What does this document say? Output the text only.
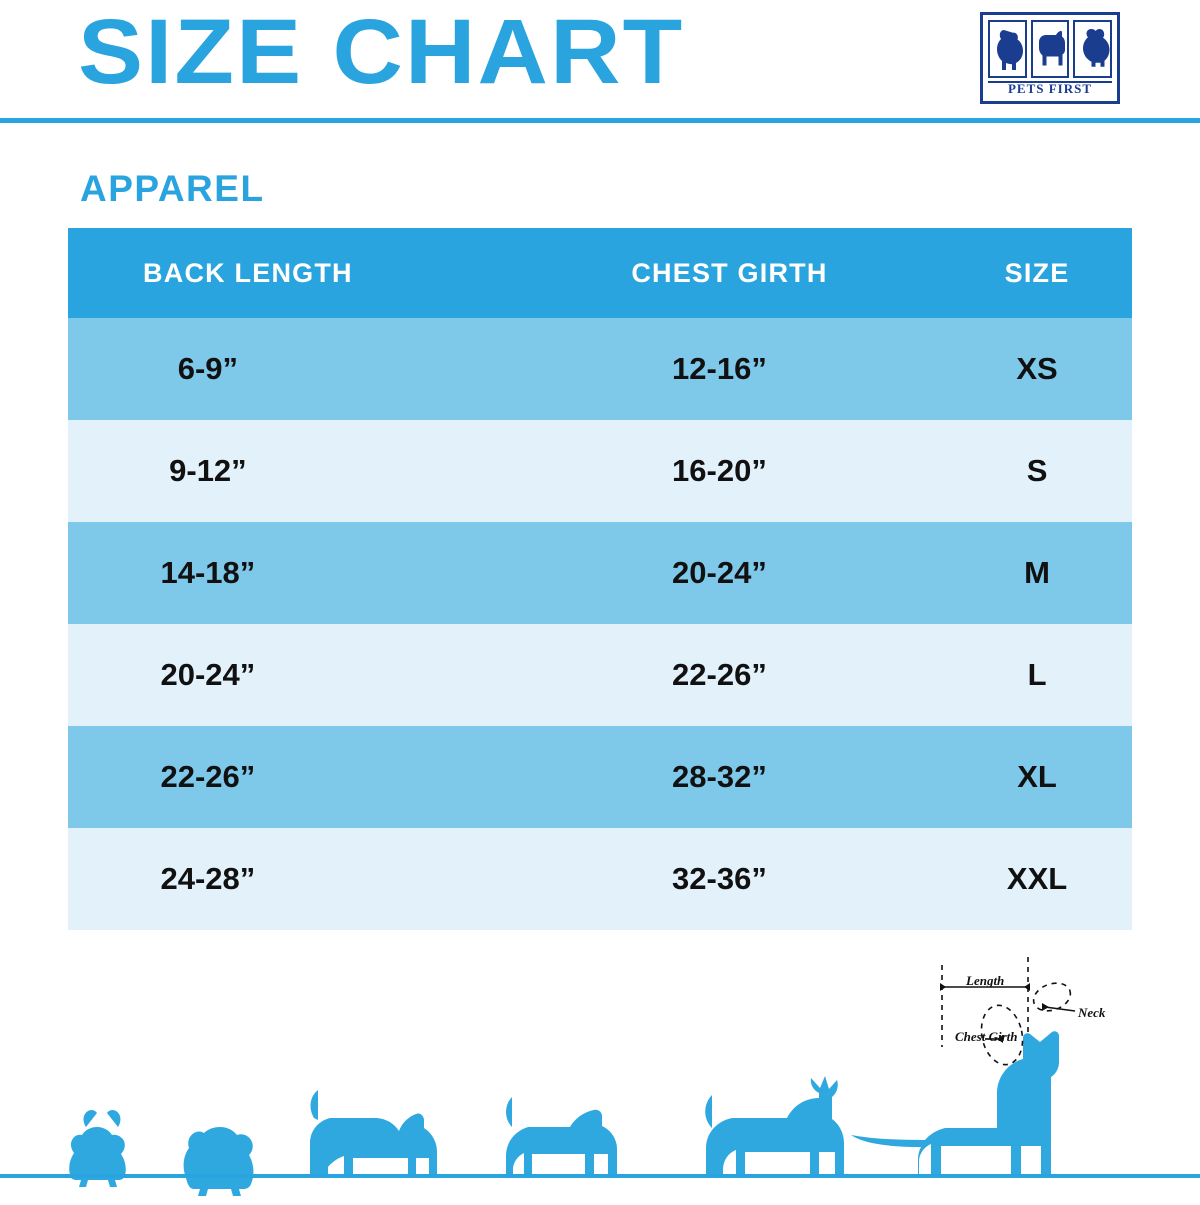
SIZE CHART	PETS FIRST
APPAREL
BACK LENGTH	CHEST GIRTH	SIZE
6-9”	12-16”	XS
9-12”	16-20”	S
14-18”	20-24”	M
20-24”	22-26”	L
22-26”	28-32”	XL
24-28”	32-36”	XXL
Length
Neck
Chest Girth
